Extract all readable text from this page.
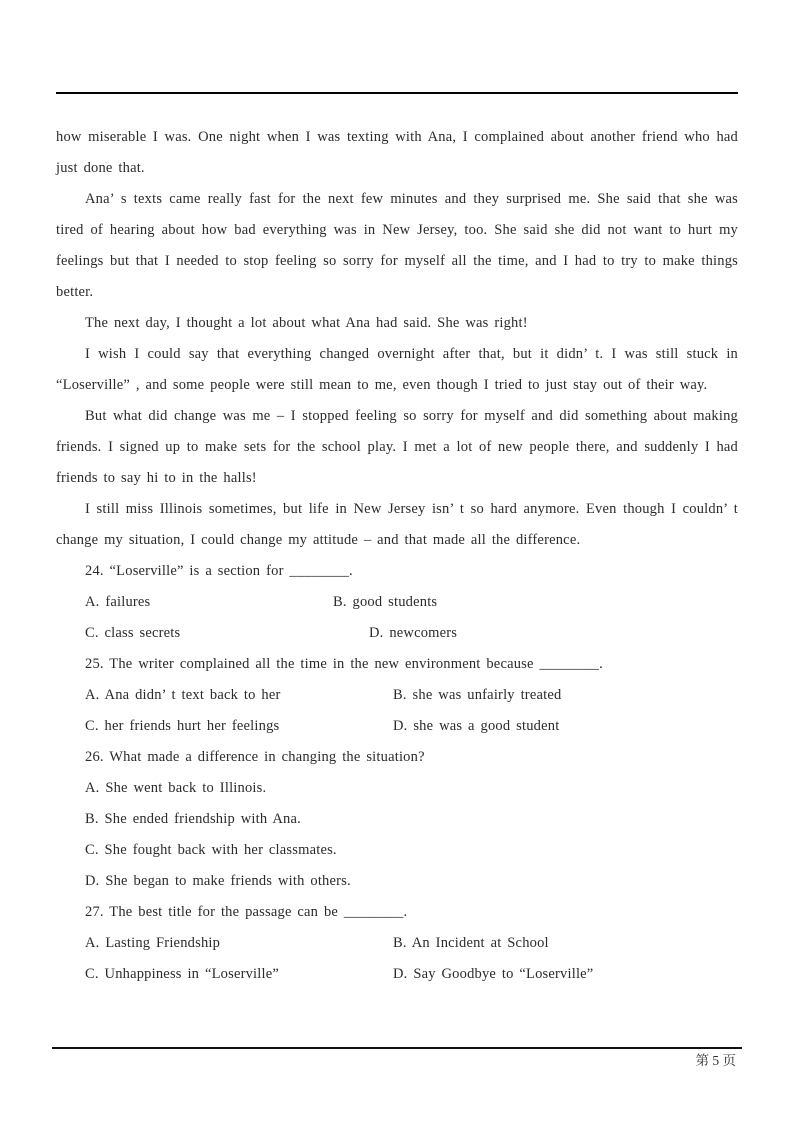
how miserable I was. One night when I was texting with Ana, I complained about another friend who had just done that.

Ana’ s texts came really fast for the next few minutes and they surprised me. She said that she was tired of hearing about how bad everything was in New Jersey, too. She said she did not want to hurt my feelings but that I needed to stop feeling so sorry for myself all the time, and I had to try to make things better.

The next day, I thought a lot about what Ana had said. She was right!

I wish I could say that everything changed overnight after that, but it didn’ t. I was still stuck in “Loserville” , and some people were still mean to me, even though I tried to just stay out of their way.

But what did change was me – I stopped feeling so sorry for myself and did something about making friends. I signed up to make sets for the school play. I met a lot of new people there, and suddenly I had friends to say hi to in the halls!

I still miss Illinois sometimes, but life in New Jersey isn’ t so hard anymore. Even though I couldn’ t change my situation, I could change my attitude – and that made all the difference.

24. “Loserville” is a section for ________.

A. failures	B. good students
C. class secrets	D. newcomers

25. The writer complained all the time in the new environment because ________.

A. Ana didn’ t text back to her	B. she was unfairly treated
C. her friends hurt her feelings	D. she was a good student

26. What made a difference in changing the situation?

A. She went back to Illinois.

B. She ended friendship with Ana.

C. She fought back with her classmates.

D. She began to make friends with others.

27. The best title for the passage can be ________.

A. Lasting Friendship	B. An Incident at School
C. Unhappiness in “Loserville”	D. Say Goodbye to “Loserville”
第 5 页
